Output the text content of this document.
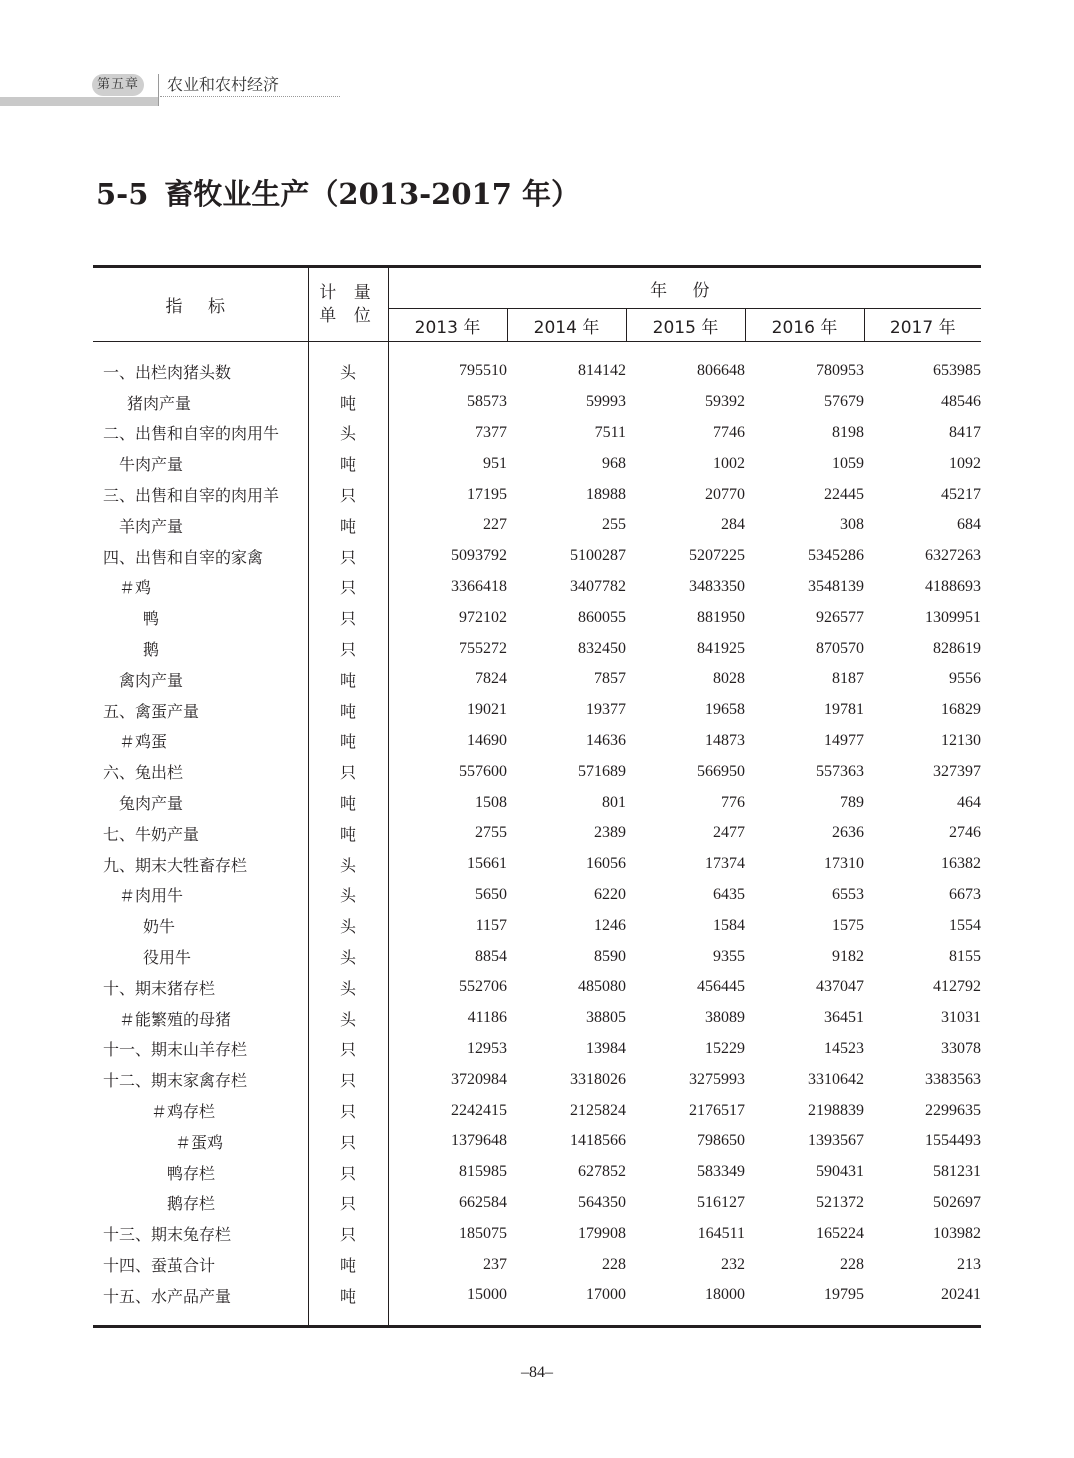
第五章	农业和农村经济
5-5 畜牧业生产（2013-2017 年）
指 标	计 量
单 位	年 份				
		2013 年	2014 年	2015 年	2016 年	2017 年

一、出栏肉猪头数	头	795510	814142	806648	780953	653985
猪肉产量	吨	58573	59993	59392	57679	48546
二、出售和自宰的肉用牛	头	7377	7511	7746	8198	8417
牛肉产量	吨	951	968	1002	1059	1092
三、出售和自宰的肉用羊	只	17195	18988	20770	22445	45217
羊肉产量	吨	227	255	284	308	684
四、出售和自宰的家禽	只	5093792	5100287	5207225	5345286	6327263
＃鸡	只	3366418	3407782	3483350	3548139	4188693
鸭	只	972102	860055	881950	926577	1309951
鹅	只	755272	832450	841925	870570	828619
禽肉产量	吨	7824	7857	8028	8187	9556
五、禽蛋产量	吨	19021	19377	19658	19781	16829
＃鸡蛋	吨	14690	14636	14873	14977	12130
六、兔出栏	只	557600	571689	566950	557363	327397
兔肉产量	吨	1508	801	776	789	464
七、牛奶产量	吨	2755	2389	2477	2636	2746
九、期末大牲畜存栏	头	15661	16056	17374	17310	16382
＃肉用牛	头	5650	6220	6435	6553	6673
奶牛	头	1157	1246	1584	1575	1554
役用牛	头	8854	8590	9355	9182	8155
十、期末猪存栏	头	552706	485080	456445	437047	412792
＃能繁殖的母猪	头	41186	38805	38089	36451	31031
十一、期末山羊存栏	只	12953	13984	15229	14523	33078
十二、期末家禽存栏	只	3720984	3318026	3275993	3310642	3383563
＃鸡存栏	只	2242415	2125824	2176517	2198839	2299635
＃蛋鸡	只	1379648	1418566	798650	1393567	1554493
鸭存栏	只	815985	627852	583349	590431	581231
鹅存栏	只	662584	564350	516127	521372	502697
十三、期末兔存栏	只	185075	179908	164511	165224	103982
十四、蚕茧合计	吨	237	228	232	228	213
十五、水产品产量	吨	15000	17000	18000	19795	20241

–84–
